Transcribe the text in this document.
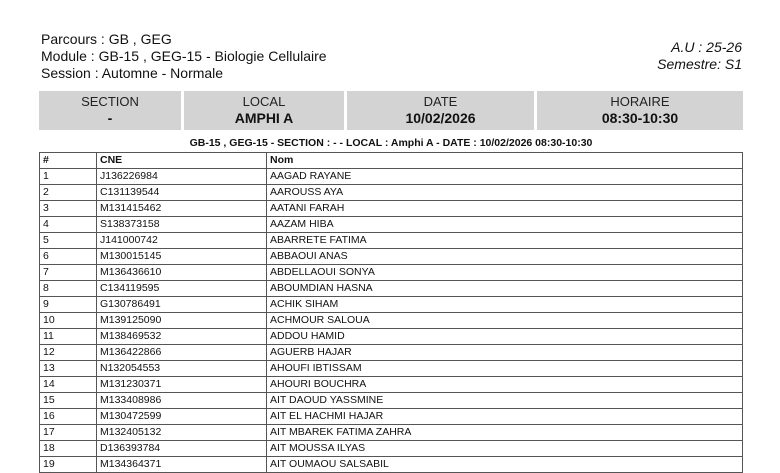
Parcours : GB , GEG
Module : GB-15 , GEG-15 - Biologie Cellulaire
Session : Automne - Normale
A.U : 25-26
Semestre: S1
SECTION
-
LOCAL
AMPHI A
DATE
10/02/2026
HORAIRE
08:30-10:30
GB-15 , GEG-15 - SECTION : - - LOCAL : Amphi A - DATE : 10/02/2026 08:30-10:30
#	CNE	Nom
1	J136226984	AAGAD RAYANE
2	C131139544	AAROUSS AYA
3	M131415462	AATANI FARAH
4	S138373158	AAZAM HIBA
5	J141000742	ABARRETE FATIMA
6	M130015145	ABBAOUI ANAS
7	M136436610	ABDELLAOUI SONYA
8	C134119595	ABOUMDIAN HASNA
9	G130786491	ACHIK SIHAM
10	M139125090	ACHMOUR SALOUA
11	M138469532	ADDOU HAMID
12	M136422866	AGUERB HAJAR
13	N132054553	AHOUFI IBTISSAM
14	M131230371	AHOURI BOUCHRA
15	M133408986	AIT DAOUD YASSMINE
16	M130472599	AIT EL HACHMI HAJAR
17	M132405132	AIT MBAREK FATIMA ZAHRA
18	D136393784	AIT MOUSSA ILYAS
19	M134364371	AIT OUMAOU SALSABIL
